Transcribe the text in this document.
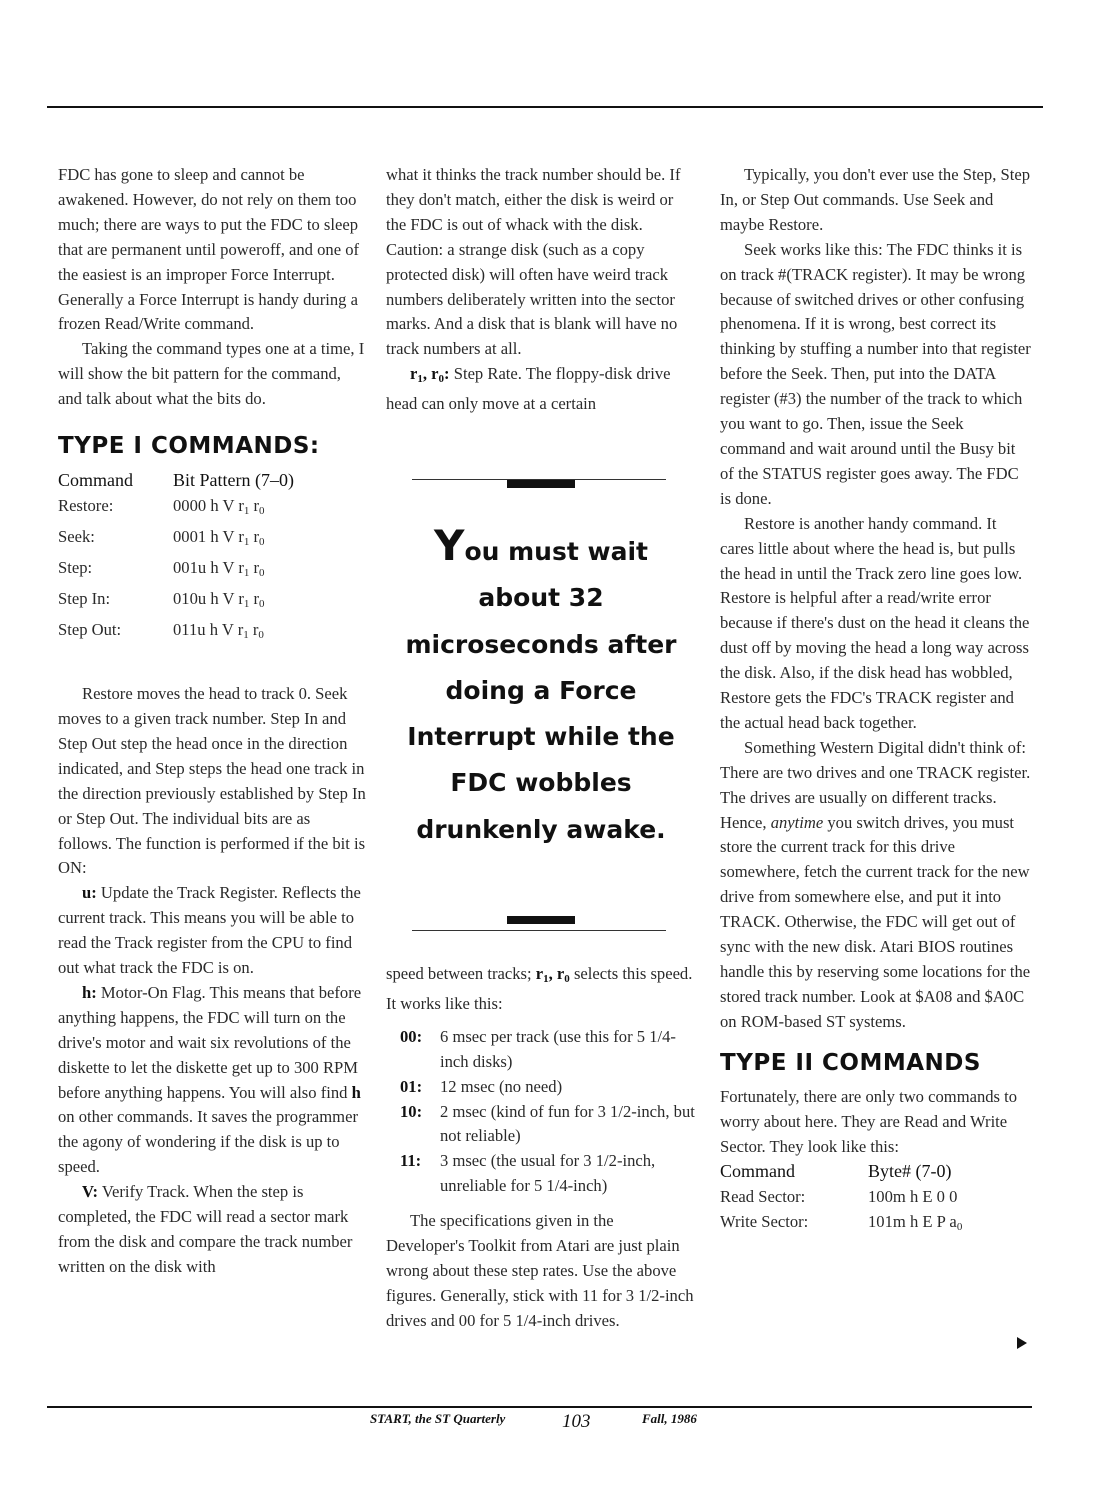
FDC has gone to sleep and cannot be awakened. However, do not rely on them too much; there are ways to put the FDC to sleep that are permanent until poweroff, and one of the easiest is an improper Force Interrupt. Generally a Force Interrupt is handy during a frozen Read/Write command.

Taking the command types one at a time, I will show the bit pattern for the command, and talk about what the bits do.

TYPE I COMMANDS:
Command	Bit Pattern (7–0)
Restore:	0000 h V $r_1$ $r_0$
Seek:	0001 h V $r_1$ $r_0$
Step:	001u h V $r_1$ $r_0$
Step In:	010u h V $r_1$ $r_0$
Step Out:	011u h V $r_1$ $r_0$

Restore moves the head to track 0. Seek moves to a given track number. Step In and Step Out step the head once in the direction indicated, and Step steps the head one track in the direction previously established by Step In or Step Out. The individual bits are as follows. The function is performed if the bit is ON:

u: Update the Track Register. Reflects the current track. This means you will be able to read the Track register from the CPU to find out what track the FDC is on.

h: Motor-On Flag. This means that before anything happens, the FDC will turn on the drive's motor and wait six revolutions of the diskette to let the diskette get up to 300 RPM before anything happens. You will also find h on other commands. It saves the programmer the agony of wondering if the disk is up to speed.

V: Verify Track. When the step is completed, the FDC will read a sector mark from the disk and compare the track number written on the disk with

what it thinks the track number should be. If they don't match, either the disk is weird or the FDC is out of whack with the disk. Caution: a strange disk (such as a copy protected disk) will often have weird track numbers deliberately written into the sector marks. And a disk that is blank will have no track numbers at all.

$r_1$, $r_0$: Step Rate. The floppy-disk drive head can only move at a certain

speed between tracks; $r_1$, $r_0$ selects this speed. It works like this:

00:	6 msec per track (use this for 5 1/4-inch disks)
01:	12 msec (no need)
10:	2 msec (kind of fun for 3 1/2-inch, but not reliable)
11:	3 msec (the usual for 3 1/2-inch, unreliable for 5 1/4-inch)

The specifications given in the Developer's Toolkit from Atari are just plain wrong about these step rates. Use the above figures. Generally, stick with 11 for 3 1/2-inch drives and 00 for 5 1/4-inch drives.

You must wait about 32 microseconds after doing a Force Interrupt while the FDC wobbles drunkenly awake.

Typically, you don't ever use the Step, Step In, or Step Out commands. Use Seek and maybe Restore.

Seek works like this: The FDC thinks it is on track #(TRACK register). It may be wrong because of switched drives or other confusing phenomena. If it is wrong, best correct its thinking by stuffing a number into that register before the Seek. Then, put into the DATA register (#3) the number of the track to which you want to go. Then, issue the Seek command and wait around until the Busy bit of the STATUS register goes away. The FDC is done.

Restore is another handy command. It cares little about where the head is, but pulls the head in until the Track zero line goes low. Restore is helpful after a read/write error because if there's dust on the head it cleans the dust off by moving the head a long way across the disk. Also, if the disk head has wobbled, Restore gets the FDC's TRACK register and the actual head back together.

Something Western Digital didn't think of: There are two drives and one TRACK register. The drives are usually on different tracks. Hence, anytime you switch drives, you must store the current track for this drive somewhere, fetch the current track for the new drive from somewhere else, and put it into TRACK. Otherwise, the FDC will get out of sync with the new disk. Atari BIOS routines handle this by reserving some locations for the stored track number. Look at $A08 and $A0C on ROM-based ST systems.

TYPE II COMMANDS

Fortunately, there are only two commands to worry about here. They are Read and Write Sector. They look like this:

Command	Byte# (7-0)
Read Sector:	100m h E 0 0
Write Sector:	101m h E P $a_0$
START, the ST Quarterly	103	Fall, 1986
